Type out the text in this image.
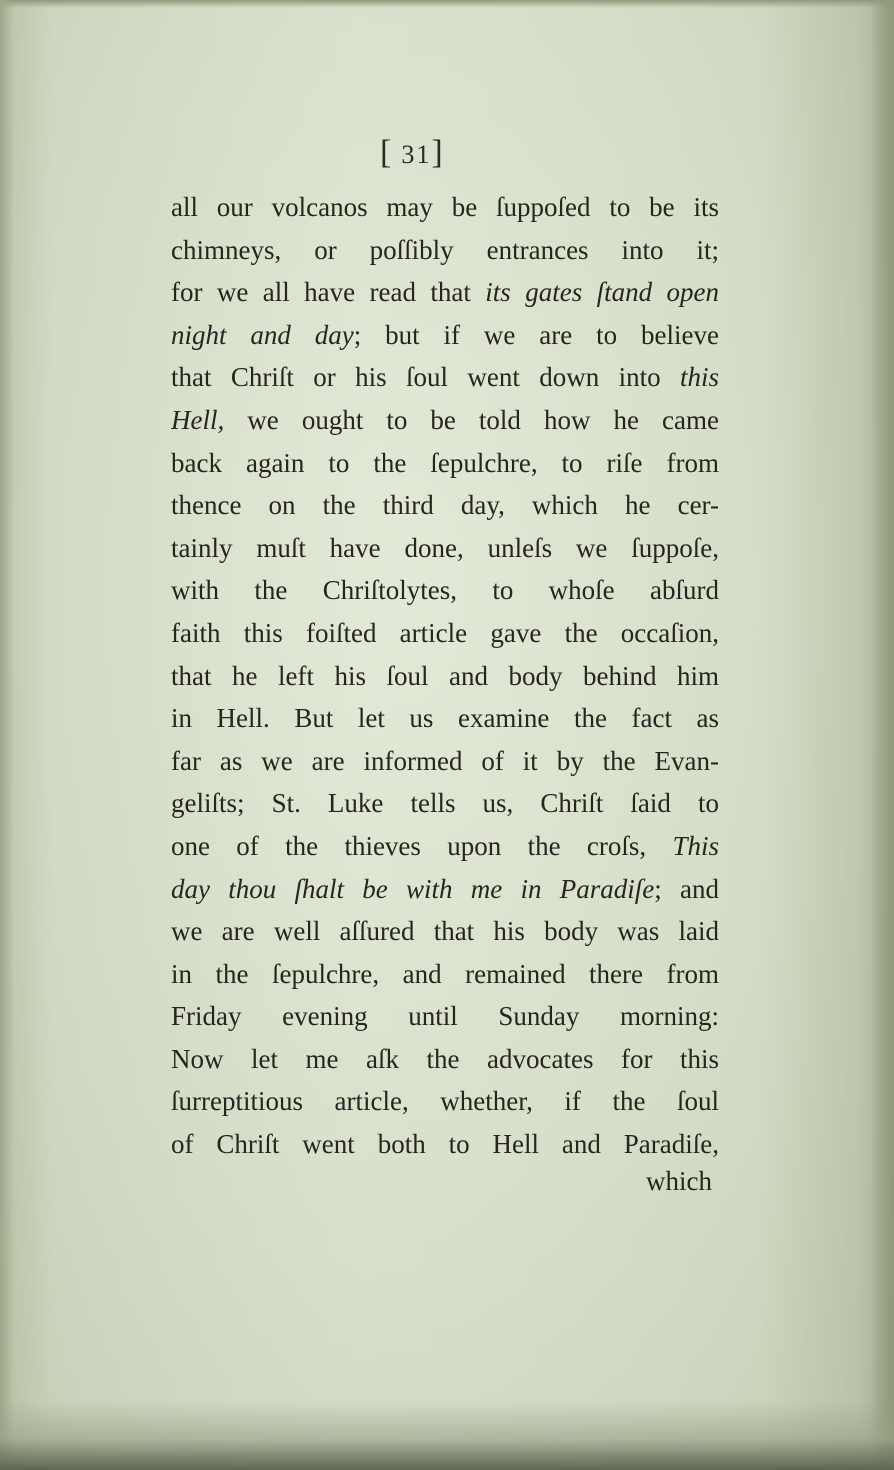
[31]
all our volcanos may be ſuppoſed to be its
chimneys, or poſſibly entrances into it;
for we all have read that its gates ſtand open
night and day; but if we are to believe
that Chriſt or his ſoul went down into this
Hell, we ought to be told how he came
back again to the ſepulchre, to riſe from
thence on the third day, which he cer-
tainly muſt have done, unleſs we ſuppoſe,
with the Chriſtolytes, to whoſe abſurd
faith this foiſted article gave the occaſion,
that he left his ſoul and body behind him
in Hell. But let us examine the fact as
far as we are informed of it by the Evan-
geliſts; St. Luke tells us, Chriſt ſaid to
one of the thieves upon the croſs, This
day thou ſhalt be with me in Paradiſe; and
we are well aſſured that his body was laid
in the ſepulchre, and remained there from
Friday evening until Sunday morning:
Now let me aſk the advocates for this
ſurreptitious article, whether, if the ſoul
of Chriſt went both to Hell and Paradiſe,
which
